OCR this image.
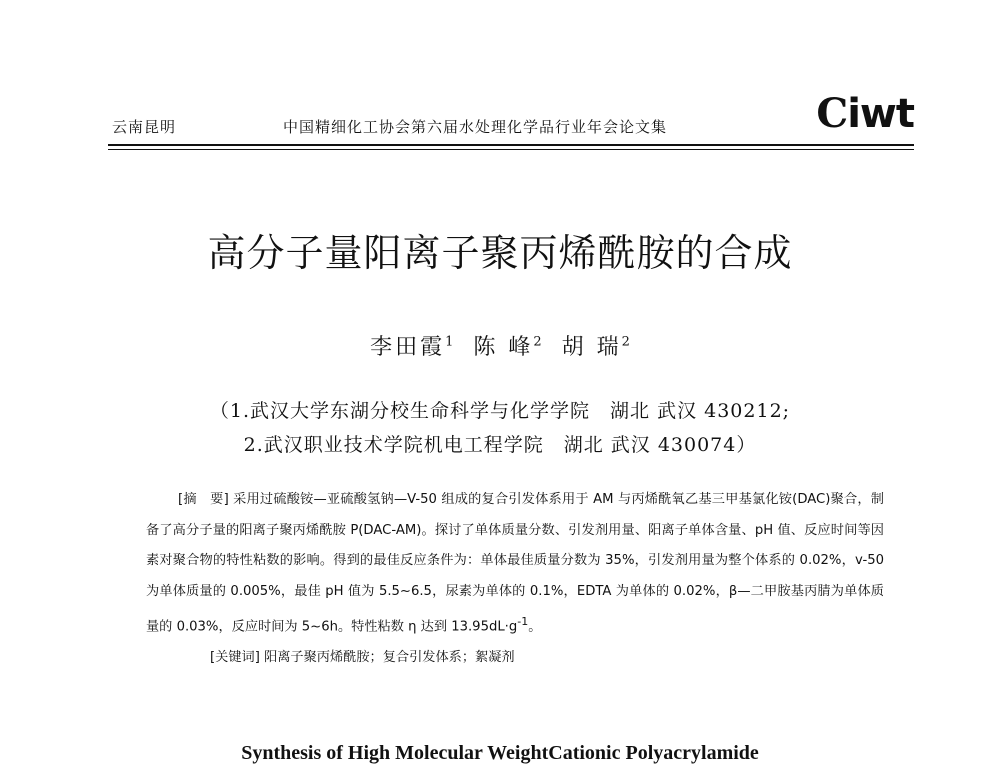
云南昆明	中国精细化工协会第六届水处理化学品行业年会论文集	Ciwt
高分子量阳离子聚丙烯酰胺的合成
李田霞$^1$ 陈 峰$^2$ 胡 瑞$^2$
（1.武汉大学东湖分校生命科学与化学学院　湖北 武汉 430212;
2.武汉职业技术学院机电工程学院　湖北 武汉 430074）

[摘　要] 采用过硫酸铵—亚硫酸氢钠—V-50 组成的复合引发体系用于 AM 与丙烯酰氧乙基三甲基氯化铵(DAC)聚合，制备了高分子量的阳离子聚丙烯酰胺 P(DAC-AM)。探讨了单体质量分数、引发剂用量、阳离子单体含量、pH 值、反应时间等因素对聚合物的特性粘数的影响。得到的最佳反应条件为：单体最佳质量分数为 35%，引发剂用量为整个体系的 0.02%，v-50 为单体质量的 0.005%，最佳 pH 值为 5.5~6.5，尿素为单体的 0.1%，EDTA 为单体的 0.02%，β—二甲胺基丙腈为单体质量的 0.03%，反应时间为 5~6h。特性粘数 η 达到 $13.95dL\cdot g^{-1}$。

[关键词] 阳离子聚丙烯酰胺；复合引发体系；絮凝剂

Synthesis of High Molecular WeightCationic Polyacrylamide
